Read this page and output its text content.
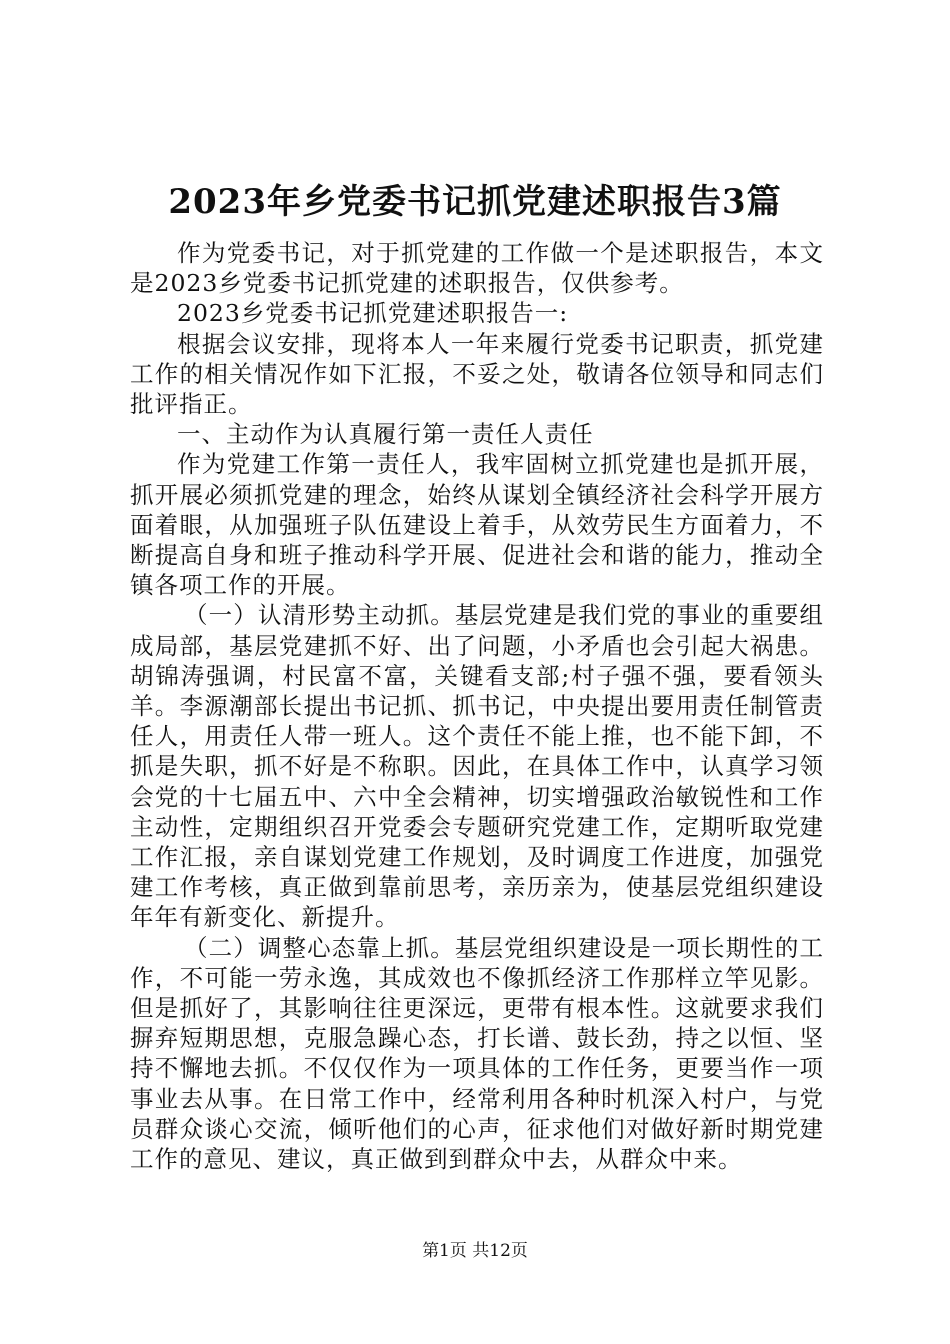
2023年乡党委书记抓党建述职报告3篇

作为党委书记，对于抓党建的工作做一个是述职报告，本文是2023乡党委书记抓党建的述职报告，仅供参考。

2023乡党委书记抓党建述职报告一:

根据会议安排，现将本人一年来履行党委书记职责，抓党建工作的相关情况作如下汇报，不妥之处，敬请各位领导和同志们批评指正。

一、主动作为认真履行第一责任人责任

作为党建工作第一责任人，我牢固树立抓党建也是抓开展，抓开展必须抓党建的理念，始终从谋划全镇经济社会科学开展方面着眼，从加强班子队伍建设上着手，从效劳民生方面着力，不断提高自身和班子推动科学开展、促进社会和谐的能力，推动全镇各项工作的开展。

（一）认清形势主动抓。基层党建是我们党的事业的重要组成局部，基层党建抓不好、出了问题，小矛盾也会引起大祸患。胡锦涛强调，村民富不富，关键看支部;村子强不强，要看领头羊。李源潮部长提出书记抓、抓书记，中央提出要用责任制管责任人，用责任人带一班人。这个责任不能上推，也不能下卸，不抓是失职，抓不好是不称职。因此，在具体工作中，认真学习领会党的十七届五中、六中全会精神，切实增强政治敏锐性和工作主动性，定期组织召开党委会专题研究党建工作，定期听取党建工作汇报，亲自谋划党建工作规划，及时调度工作进度，加强党建工作考核，真正做到靠前思考，亲历亲为，使基层党组织建设年年有新变化、新提升。

（二）调整心态靠上抓。基层党组织建设是一项长期性的工作，不可能一劳永逸，其成效也不像抓经济工作那样立竿见影。但是抓好了，其影响往往更深远，更带有根本性。这就要求我们摒弃短期思想，克服急躁心态，打长谱、鼓长劲，持之以恒、坚持不懈地去抓。不仅仅作为一项具体的工作任务，更要当作一项事业去从事。在日常工作中，经常利用各种时机深入村户，与党员群众谈心交流，倾听他们的心声，征求他们对做好新时期党建工作的意见、建议，真正做到到群众中去，从群众中来。

第1页 共12页
